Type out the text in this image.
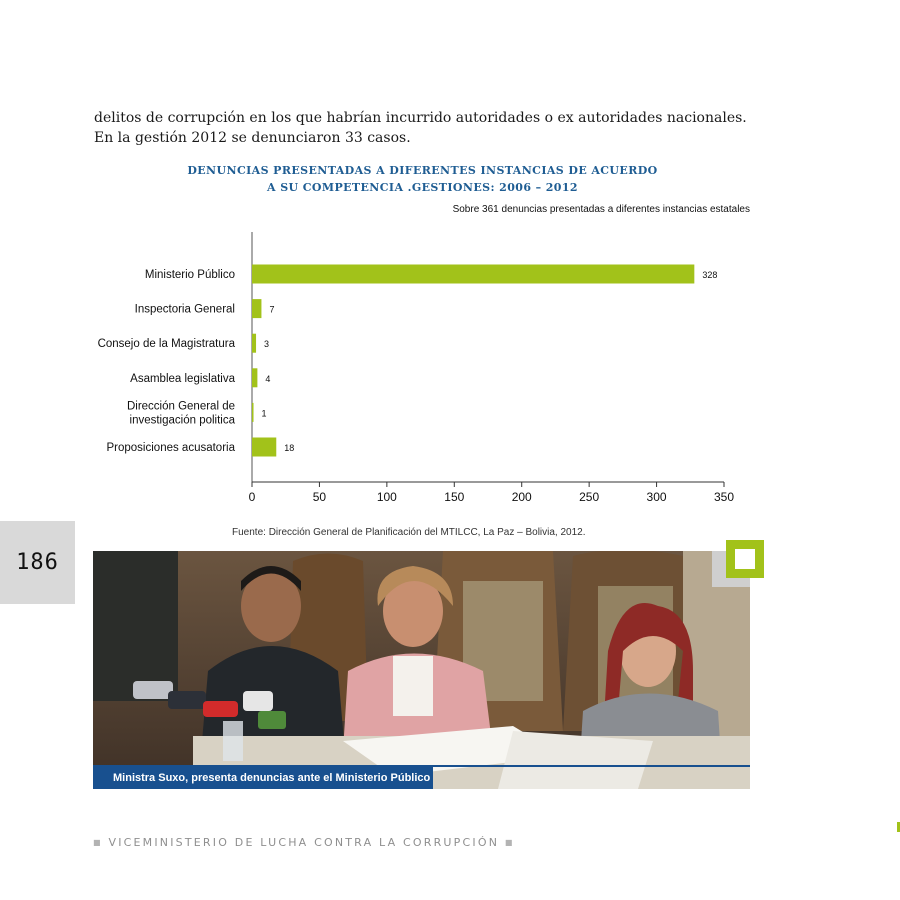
delitos de corrupción en los que habrían incurrido autoridades o ex autoridades nacionales. En la gestión 2012 se denunciaron 33 casos.

DENUNCIAS PRESENTADAS A DIFERENTES INSTANCIAS DE ACUERDO
A SU COMPETENCIA .GESTIONES: 2006 – 2012
Sobre 361 denuncias presentadas a diferentes instancias estatales
0	50	100	150	200	250	300	350
328
Ministerio Público
7
Inspectoria General
3
Consejo de la Magistratura
4
Asamblea legislativa
1
Dirección General de investigación politica
18
Proposiciones acusatoria
Fuente: Dirección General de Planificación del MTILCC, La Paz – Bolivia, 2012.
186
Ministra Suxo, presenta denuncias ante el Ministerio Público
■ VICEMINISTERIO DE LUCHA CONTRA LA CORRUPCIÓN ■
